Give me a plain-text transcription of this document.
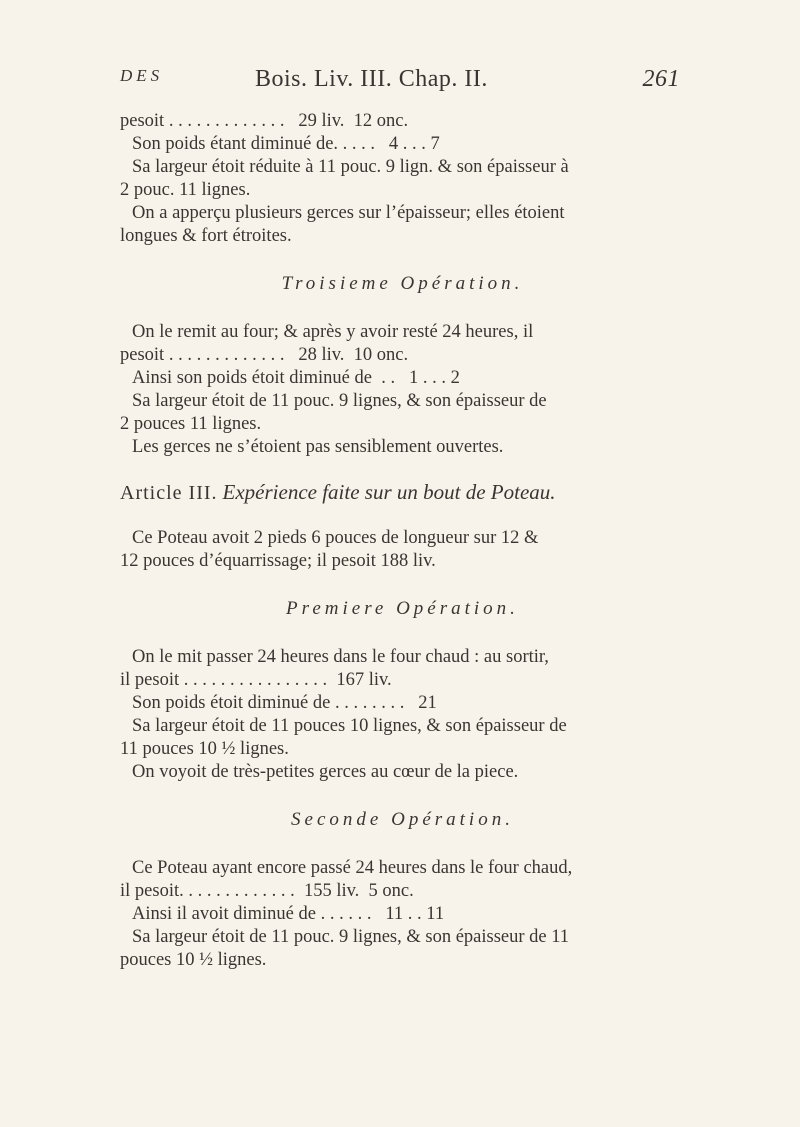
DES	Bois. Liv. III. Chap. II.	261
pesoit . . . . . . . . . . . . .   29 liv.  12 onc.
Son poids étant diminué de. . . . .   4 . . . 7
Sa largeur étoit réduite à 11 pouc. 9 lign. & son épaisseur à
2 pouc. 11 lignes.
On a apperçu plusieurs gerces sur l’épaisseur; elles étoient
longues & fort étroites.
Troisieme Opération.
On le remit au four; & après y avoir resté 24 heures, il
pesoit . . . . . . . . . . . . .   28 liv.  10 onc.
Ainsi son poids étoit diminué de  . .   1 . . . 2
Sa largeur étoit de 11 pouc. 9 lignes, & son épaisseur de
2 pouces 11 lignes.
Les gerces ne s’étoient pas sensiblement ouvertes.
Article III. Expérience faite sur un bout de Poteau.
Ce Poteau avoit 2 pieds 6 pouces de longueur sur 12 &
12 pouces d’équarrissage; il pesoit 188 liv.
Premiere Opération.
On le mit passer 24 heures dans le four chaud : au sortir,
il pesoit . . . . . . . . . . . . . . . .  167 liv.
Son poids étoit diminué de . . . . . . . .   21
Sa largeur étoit de 11 pouces 10 lignes, & son épaisseur de
11 pouces 10 ½ lignes.
On voyoit de très-petites gerces au cœur de la piece.
Seconde Opération.
Ce Poteau ayant encore passé 24 heures dans le four chaud,
il pesoit. . . . . . . . . . . . .  155 liv.  5 onc.
Ainsi il avoit diminué de . . . . . .   11 . . 11
Sa largeur étoit de 11 pouc. 9 lignes, & son épaisseur de 11
pouces 10 ½ lignes.
